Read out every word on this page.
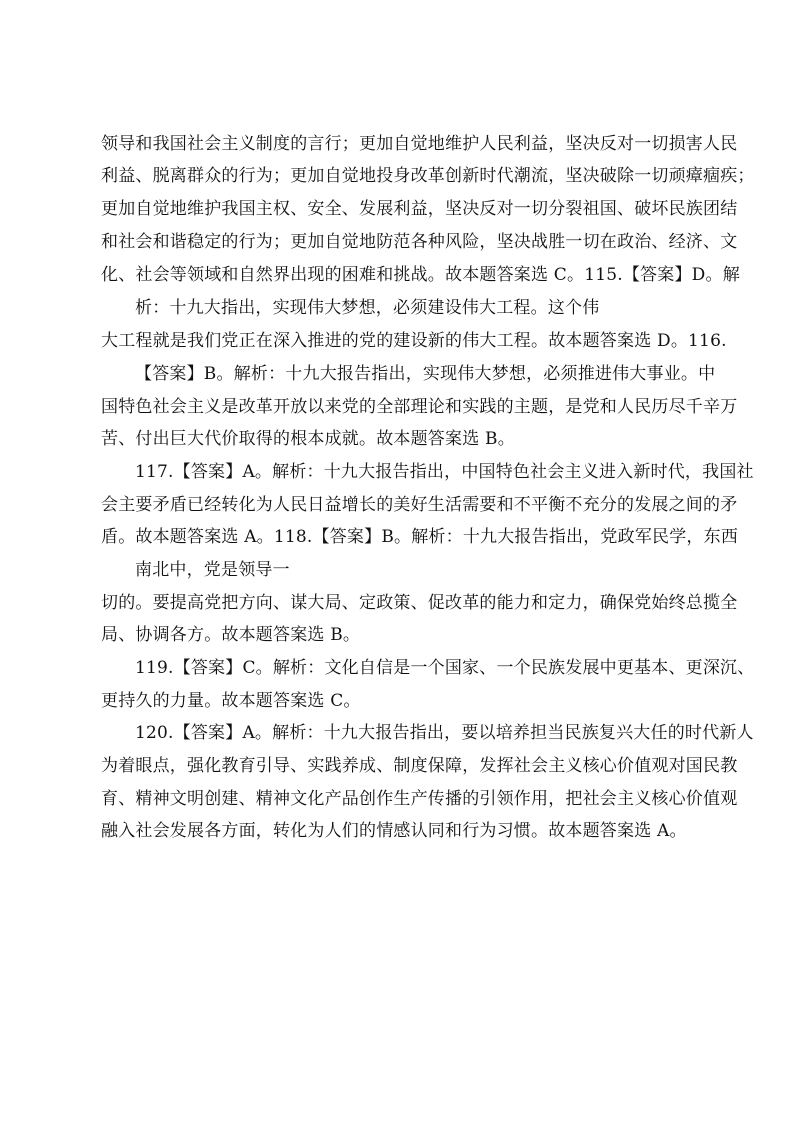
领导和我国社会主义制度的言行；更加自觉地维护人民利益，坚决反对一切损害人民
利益、脱离群众的行为；更加自觉地投身改革创新时代潮流，坚决破除一切顽瘴痼疾；
更加自觉地维护我国主权、安全、发展利益，坚决反对一切分裂祖国、破坏民族团结
和社会和谐稳定的行为；更加自觉地防范各种风险，坚决战胜一切在政治、经济、文
化、社会等领域和自然界出现的困难和挑战。故本题答案选 C。115.【答案】D。解
析：十九大指出，实现伟大梦想，必须建设伟大工程。这个伟
大工程就是我们党正在深入推进的党的建设新的伟大工程。故本题答案选 D。116.
【答案】B。解析：十九大报告指出，实现伟大梦想，必须推进伟大事业。中
国特色社会主义是改革开放以来党的全部理论和实践的主题，是党和人民历尽千辛万
苦、付出巨大代价取得的根本成就。故本题答案选 B。
117.【答案】A。解析：十九大报告指出，中国特色社会主义进入新时代，我国社
会主要矛盾已经转化为人民日益增长的美好生活需要和不平衡不充分的发展之间的矛
盾。故本题答案选 A。118.【答案】B。解析：十九大报告指出，党政军民学，东西
南北中，党是领导一
切的。要提高党把方向、谋大局、定政策、促改革的能力和定力，确保党始终总揽全
局、协调各方。故本题答案选 B。
119.【答案】C。解析：文化自信是一个国家、一个民族发展中更基本、更深沉、
更持久的力量。故本题答案选 C。
120.【答案】A。解析：十九大报告指出，要以培养担当民族复兴大任的时代新人
为着眼点，强化教育引导、实践养成、制度保障，发挥社会主义核心价值观对国民教
育、精神文明创建、精神文化产品创作生产传播的引领作用，把社会主义核心价值观
融入社会发展各方面，转化为人们的情感认同和行为习惯。故本题答案选 A。
